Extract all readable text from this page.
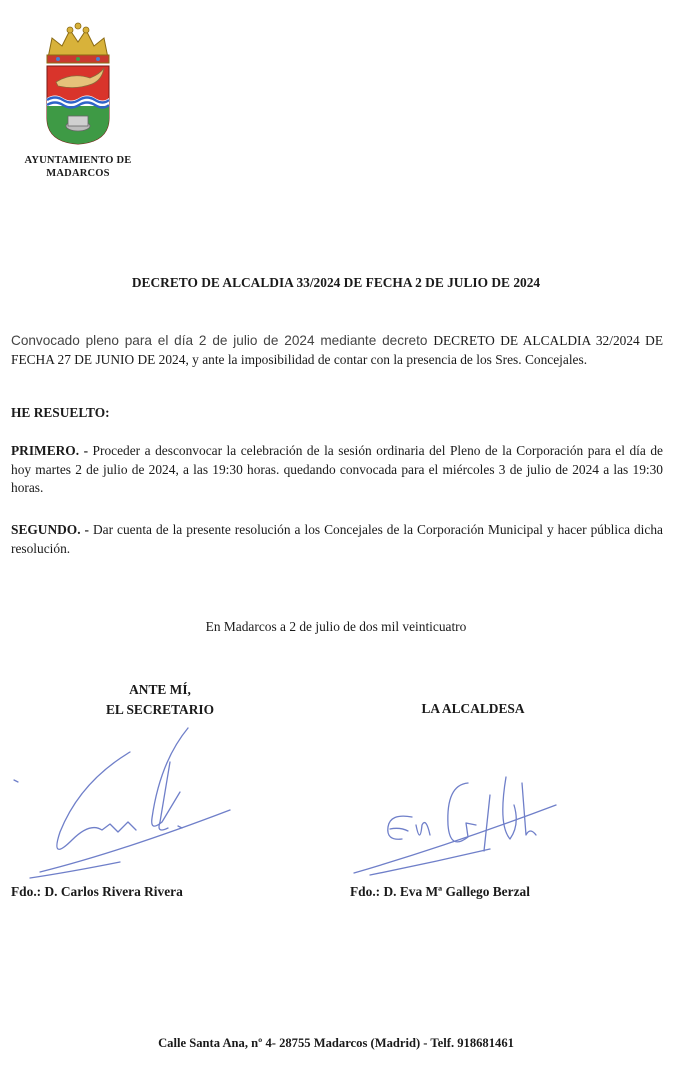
AYUNTAMIENTO DE
MADARCOS
DECRETO DE ALCALDIA 33/2024 DE FECHA 2 DE JULIO DE 2024
Convocado pleno para el día 2 de julio de 2024 mediante decreto DECRETO DE ALCALDIA 32/2024 DE FECHA 27 DE JUNIO DE 2024, y ante la imposibilidad de contar con la presencia de los Sres. Concejales.
HE RESUELTO:
PRIMERO. - Proceder a desconvocar la celebración de la sesión ordinaria del Pleno de la Corporación para el día de hoy martes 2 de julio de 2024, a las 19:30 horas. quedando convocada para el miércoles 3 de julio de 2024 a las 19:30 horas.
SEGUNDO. - Dar cuenta de la presente resolución a los Concejales de la Corporación Municipal y hacer pública dicha resolución.
En Madarcos a 2 de julio de dos mil veinticuatro
ANTE MÍ,
EL SECRETARIO	LA ALCALDESA
Fdo.: D. Carlos Rivera Rivera	Fdo.: D. Eva Mª Gallego Berzal
Calle Santa Ana, nº 4- 28755 Madarcos (Madrid) - Telf. 918681461
